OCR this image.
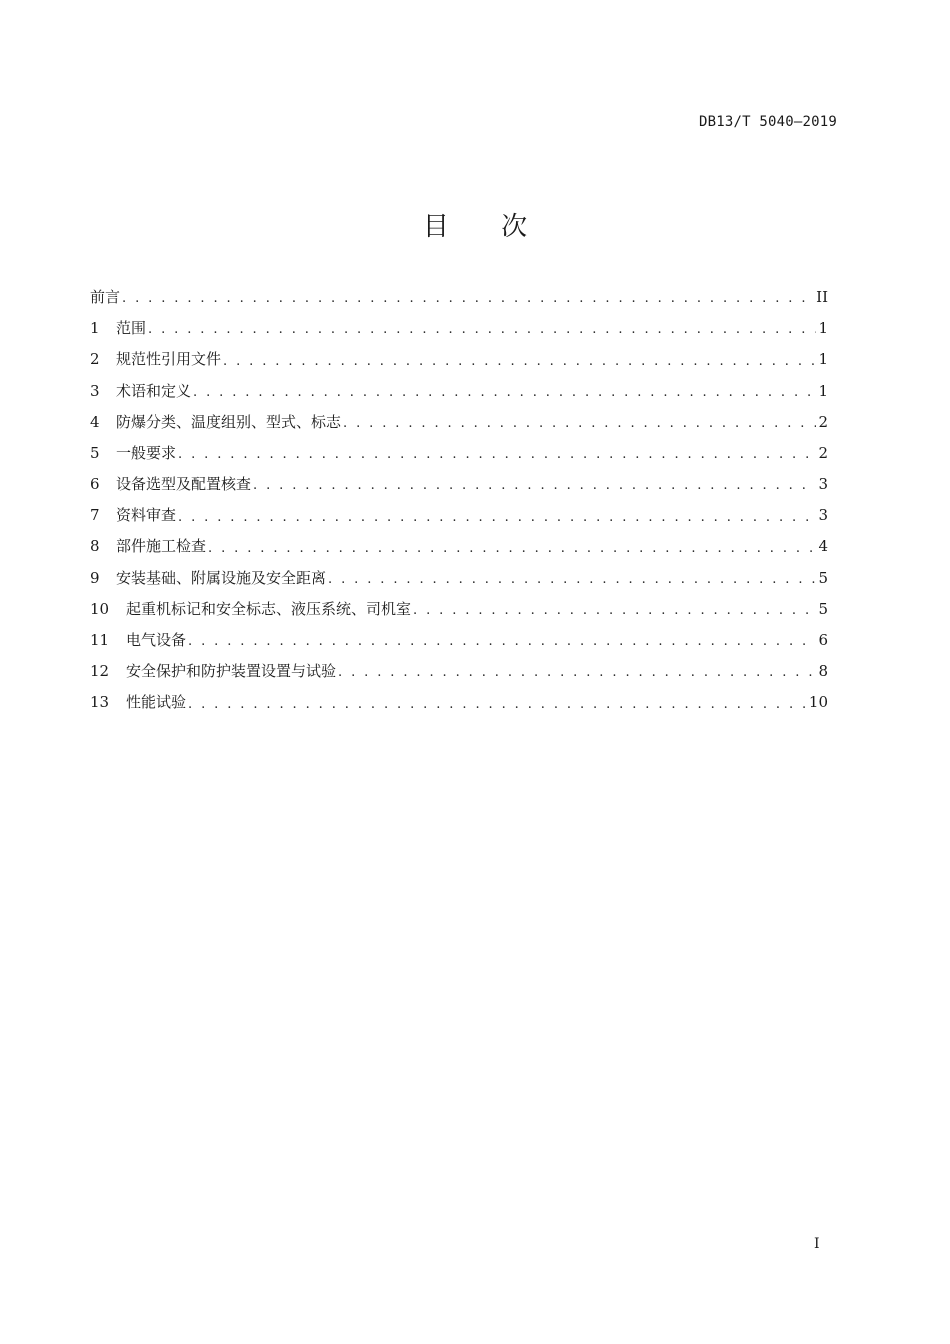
DB13/T 5040—2019
目 次
前言 . . .	II
1	范围 . . .	1
2	规范性引用文件 . . .	1
3	术语和定义 . . .	1
4	防爆分类、温度组别、型式、标志 . . .	2
5	一般要求 . . .	2
6	设备选型及配置核查 . . .	3
7	资料审查 . . .	3
8	部件施工检查 . . .	4
9	安装基础、附属设施及安全距离 . . .	5
10	起重机标记和安全标志、液压系统、司机室 . . .	5
11	电气设备 . . .	6
12	安全保护和防护装置设置与试验 . . .	8
13	性能试验 . . .	10
I
